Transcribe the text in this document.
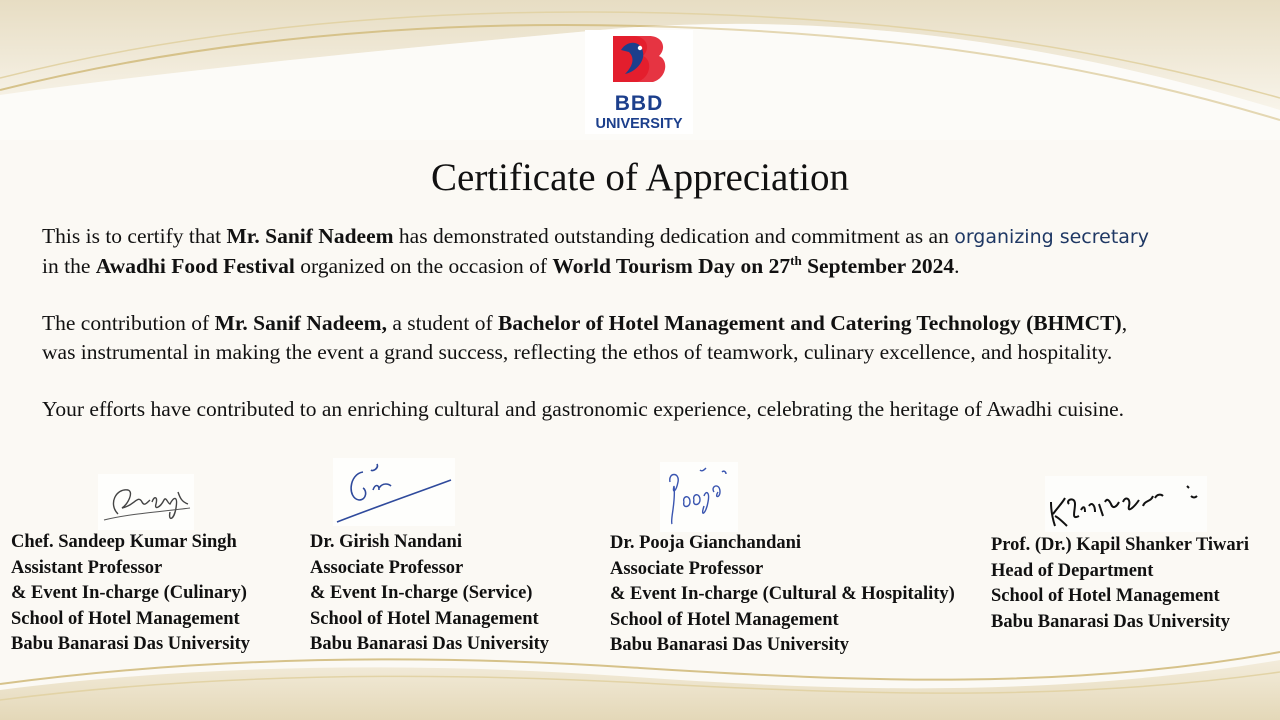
BBD
UNIVERSITY
Certificate of Appreciation
This is to certify that Mr. Sanif Nadeem has demonstrated outstanding dedication and commitment as an organizing secretary
in the Awadhi Food Festival organized on the occasion of World Tourism Day on 27th September 2024.
The contribution of Mr. Sanif Nadeem, a student of Bachelor of Hotel Management and Catering Technology (BHMCT),
was instrumental in making the event a grand success, reflecting the ethos of teamwork, culinary excellence, and hospitality.
Your efforts have contributed to an enriching cultural and gastronomic experience, celebrating the heritage of Awadhi cuisine.
Chef. Sandeep Kumar Singh
Assistant Professor
& Event In-charge (Culinary)
School of Hotel Management
Babu Banarasi Das University
Dr. Girish Nandani
Associate Professor
& Event In-charge (Service)
School of Hotel Management
Babu Banarasi Das University
Dr. Pooja Gianchandani
Associate Professor
& Event In-charge (Cultural & Hospitality)
School of Hotel Management
Babu Banarasi Das University
Prof. (Dr.) Kapil Shanker Tiwari
Head of Department
School of Hotel Management
Babu Banarasi Das University
